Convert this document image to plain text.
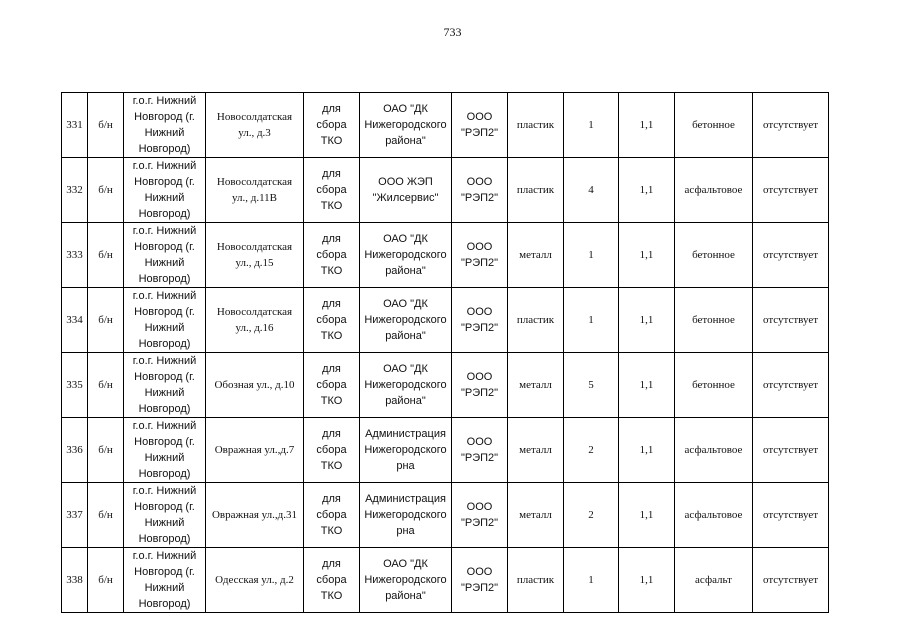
733
331	б/н	г.о.г. Нижний Новгород (г. Нижний Новгород)	Новосолдатская ул., д.3	для сбора ТКО	ОАО "ДК Нижегородского района"	ООО "РЭП2"	пластик	1	1,1	бетонное	отсутствует
332	б/н	г.о.г. Нижний Новгород (г. Нижний Новгород)	Новосолдатская ул., д.11В	для сбора ТКО	ООО ЖЭП "Жилсервис"	ООО "РЭП2"	пластик	4	1,1	асфальтовое	отсутствует
333	б/н	г.о.г. Нижний Новгород (г. Нижний Новгород)	Новосолдатская ул., д.15	для сбора ТКО	ОАО "ДК Нижегородского района"	ООО "РЭП2"	металл	1	1,1	бетонное	отсутствует
334	б/н	г.о.г. Нижний Новгород (г. Нижний Новгород)	Новосолдатская ул., д.16	для сбора ТКО	ОАО "ДК Нижегородского района"	ООО "РЭП2"	пластик	1	1,1	бетонное	отсутствует
335	б/н	г.о.г. Нижний Новгород (г. Нижний Новгород)	Обозная ул., д.10	для сбора ТКО	ОАО "ДК Нижегородского района"	ООО "РЭП2"	металл	5	1,1	бетонное	отсутствует
336	б/н	г.о.г. Нижний Новгород (г. Нижний Новгород)	Овражная ул.,д.7	для сбора ТКО	Администрация Нижегородского рна	ООО "РЭП2"	металл	2	1,1	асфальтовое	отсутствует
337	б/н	г.о.г. Нижний Новгород (г. Нижний Новгород)	Овражная ул.,д.31	для сбора ТКО	Администрация Нижегородского рна	ООО "РЭП2"	металл	2	1,1	асфальтовое	отсутствует
338	б/н	г.о.г. Нижний Новгород (г. Нижний Новгород)	Одесская ул., д.2	для сбора ТКО	ОАО "ДК Нижегородского района"	ООО "РЭП2"	пластик	1	1,1	асфальт	отсутствует
